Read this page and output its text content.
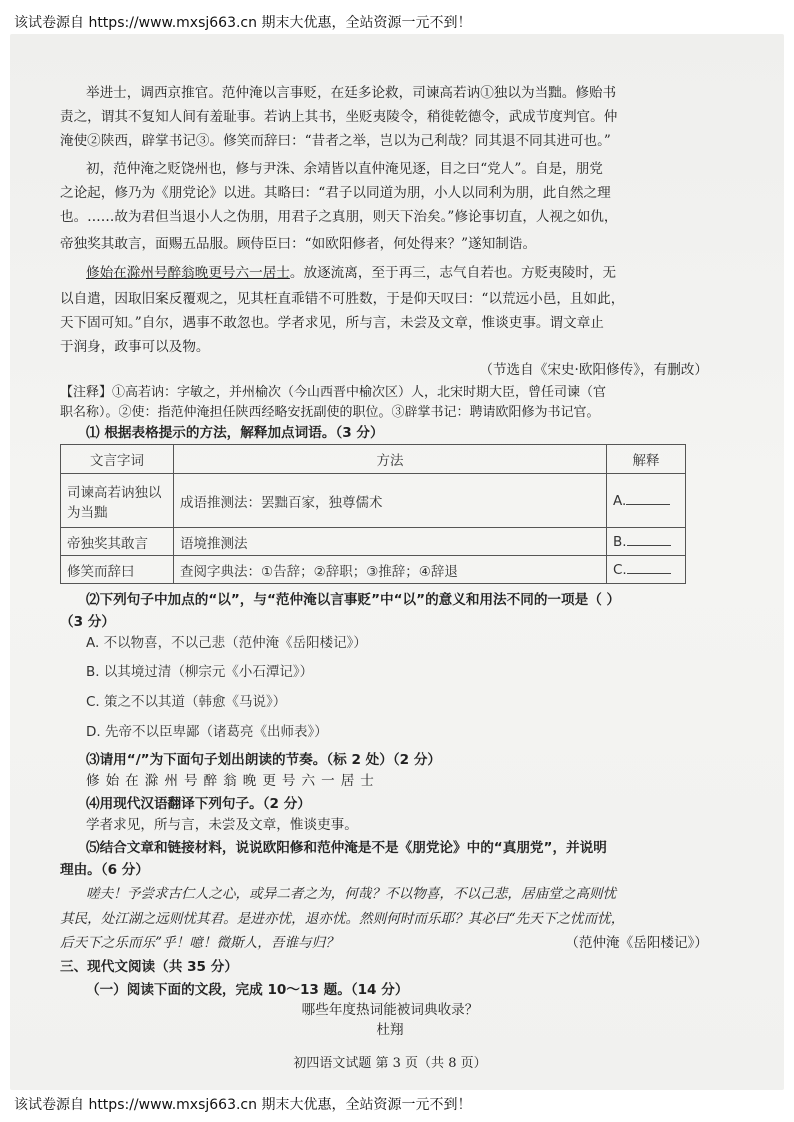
该试卷源自 https://www.mxsj663.cn 期末大优惠，全站资源一元不到！
举进士，调西京推官。范仲淹以言事贬，在廷多论救，司谏高若讷①独以为当黜。修贻书
责之，谓其不复知人间有羞耻事。若讷上其书，坐贬夷陵令，稍徙乾德令，武成节度判官。仲
淹使②陕西，辟掌书记③。修笑而辞曰：“昔者之举，岂以为己利哉？同其退不同其进可也。”
初，范仲淹之贬饶州也，修与尹洙、余靖皆以直仲淹见逐，目之曰“党人”。自是，朋党
之论起，修乃为《朋党论》以进。其略曰：“君子以同道为朋，小人以同利为朋，此自然之理
也。……故为君但当退小人之伪朋，用君子之真朋，则天下治矣。”修论事切直，人视之如仇，
帝独奖其敢言，面赐五品服。顾侍臣曰：“如欧阳修者，何处得来？”遂知制诰。
修始在滁州号醉翁晚更号六一居士。放逐流离，至于再三，志气自若也。方贬夷陵时，无
以自遣，因取旧案反覆观之，见其枉直乖错不可胜数，于是仰天叹曰：“以荒远小邑，且如此，
天下固可知。”自尔，遇事不敢忽也。学者求见，所与言，未尝及文章，惟谈吏事。谓文章止
于润身，政事可以及物。
（节选自《宋史·欧阳修传》，有删改）
【注释】①高若讷：字敏之，并州榆次（今山西晋中榆次区）人，北宋时期大臣，曾任司谏（官
职名称）。②使：指范仲淹担任陕西经略安抚副使的职位。③辟掌书记：聘请欧阳修为书记官。
⑴ 根据表格提示的方法，解释加点词语。（3 分）
文言字词	方法	解释
司谏高若讷独以为当黜	成语推测法：罢黜百家，独尊儒术	A.
帝独奖其敢言	语境推测法	B.
修笑而辞曰	查阅字典法：①告辞；②辞职；③推辞；④辞退	C.
⑵下列句子中加点的“以”，与“范仲淹以言事贬”中“以”的意义和用法不同的一项是（ ）
（3 分）
A. 不以物喜，不以己悲（范仲淹《岳阳楼记》）
B. 以其境过清（柳宗元《小石潭记》）
C. 策之不以其道（韩愈《马说》）
D. 先帝不以臣卑鄙（诸葛亮《出师表》）
⑶请用“/”为下面句子划出朗读的节奏。（标 2 处）（2 分）
修始在滁州号醉翁晚更号六一居士
⑷用现代汉语翻译下列句子。（2 分）
学者求见，所与言，未尝及文章，惟谈吏事。
⑸结合文章和链接材料，说说欧阳修和范仲淹是不是《朋党论》中的“真朋党”，并说明
理由。（6 分）
嗟夫！予尝求古仁人之心，或异二者之为，何哉？不以物喜，不以己悲，居庙堂之高则忧
其民，处江湖之远则忧其君。是进亦忧，退亦忧。然则何时而乐耶？其必曰“先天下之忧而忧，
后天下之乐而乐”乎！噫！微斯人，吾谁与归？	（范仲淹《岳阳楼记》）
三、现代文阅读（共 35 分）
（一）阅读下面的文段，完成 10～13 题。（14 分）
哪些年度热词能被词典收录？
杜翔
初四语文试题 第 3 页（共 8 页）
该试卷源自 https://www.mxsj663.cn 期末大优惠，全站资源一元不到！
